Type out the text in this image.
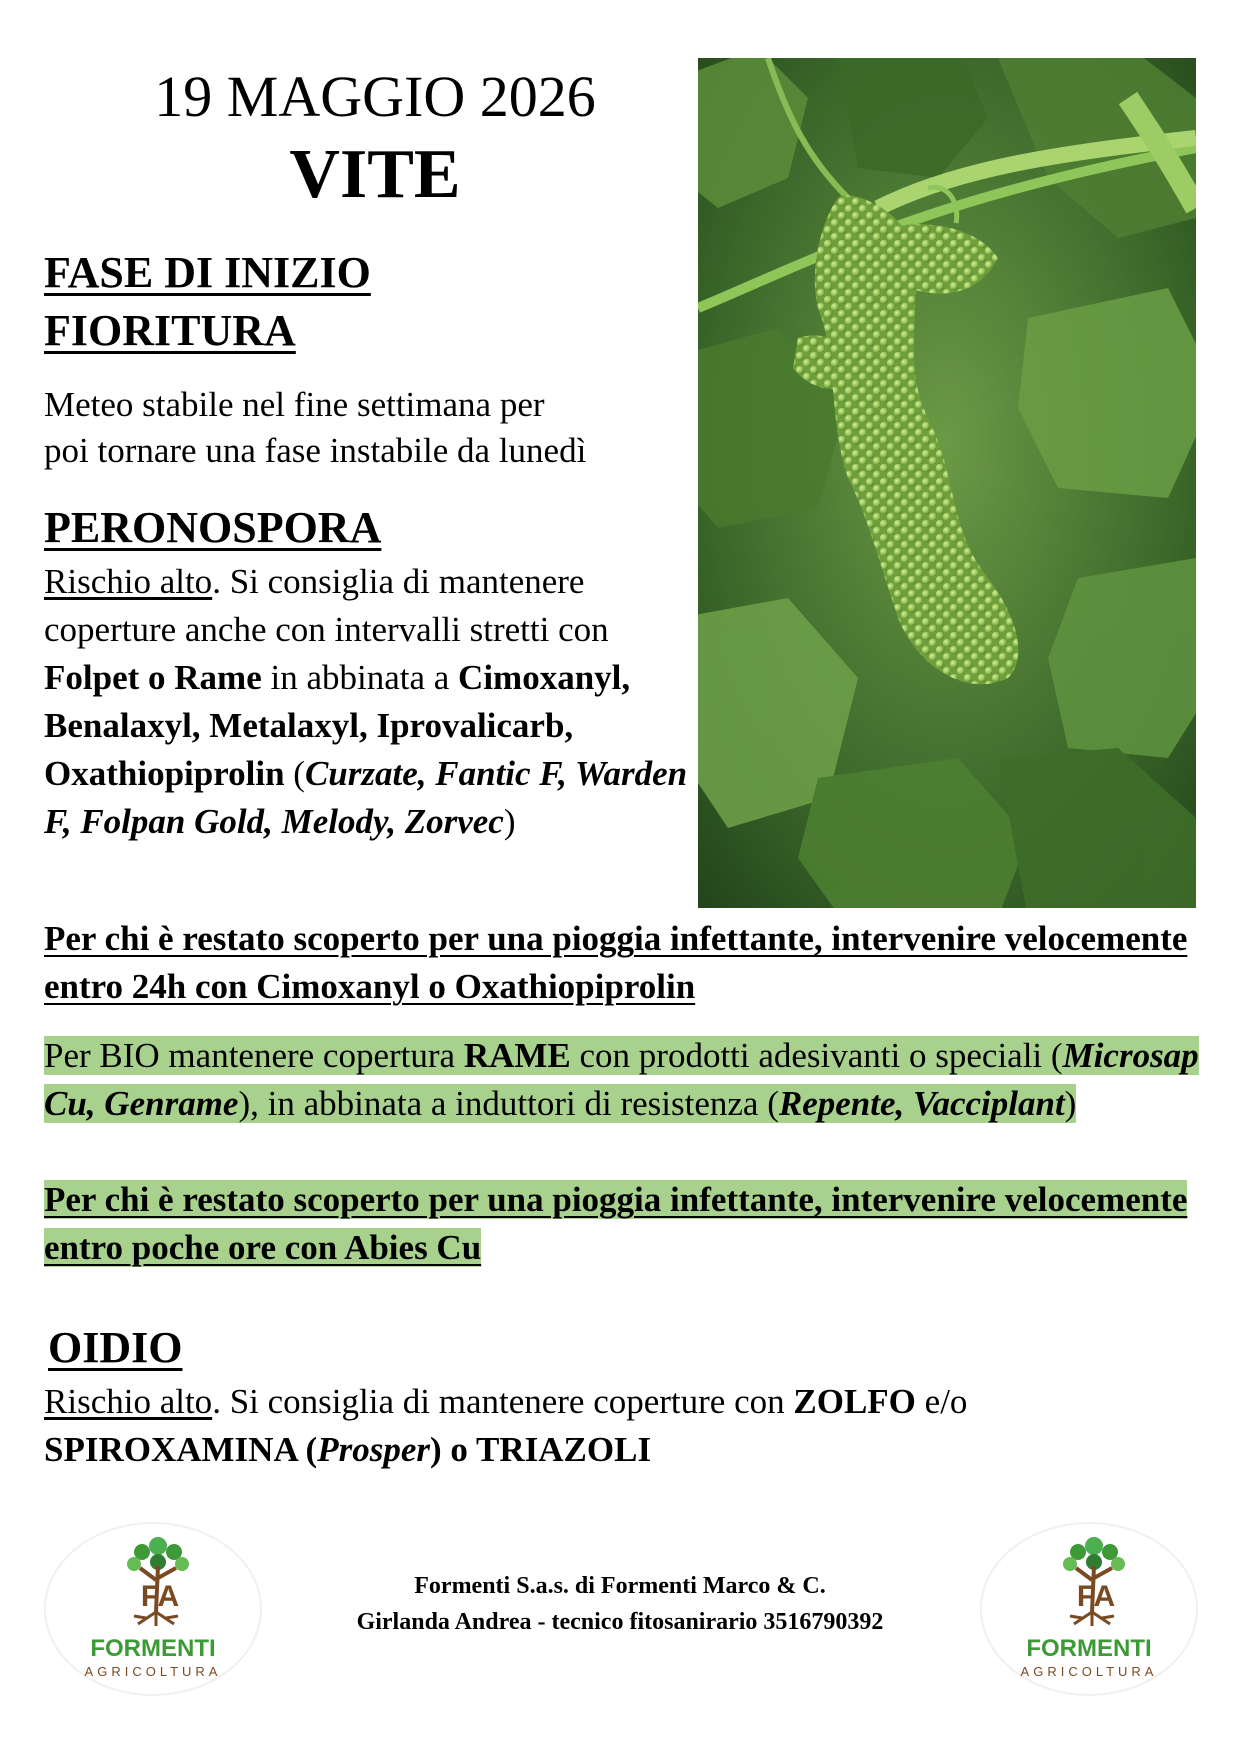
19 MAGGIO 2026
VITE
FASE DI INIZIO
FIORITURA
Meteo stabile nel fine settimana per
poi tornare una fase instabile da lunedì
PERONOSPORA
Rischio alto. Si consiglia di mantenere coperture anche con intervalli stretti con Folpet o Rame in abbinata a Cimoxanyl, Benalaxyl, Metalaxyl, Iprovalicarb, Oxathiopiprolin (Curzate, Fantic F, Warden F, Folpan Gold, Melody, Zorvec)
Per chi è restato scoperto per una pioggia infettante, intervenire velocemente entro 24h con Cimoxanyl o Oxathiopiprolin
Per BIO mantenere copertura RAME con prodotti adesivanti o speciali (Microsap Cu, Genrame), in abbinata a induttori di resistenza (Repente, Vacciplant)
Per chi è restato scoperto per una pioggia infettante, intervenire velocemente entro poche ore con Abies Cu
OIDIO
Rischio alto. Si consiglia di mantenere coperture con ZOLFO e/o SPIROXAMINA (Prosper) o TRIAZOLI
FA
FORMENTI
AGRICOLTURA
Formenti S.a.s. di Formenti Marco & C.
Girlanda Andrea - tecnico fitosanirario 3516790392
FA
FORMENTI
AGRICOLTURA
